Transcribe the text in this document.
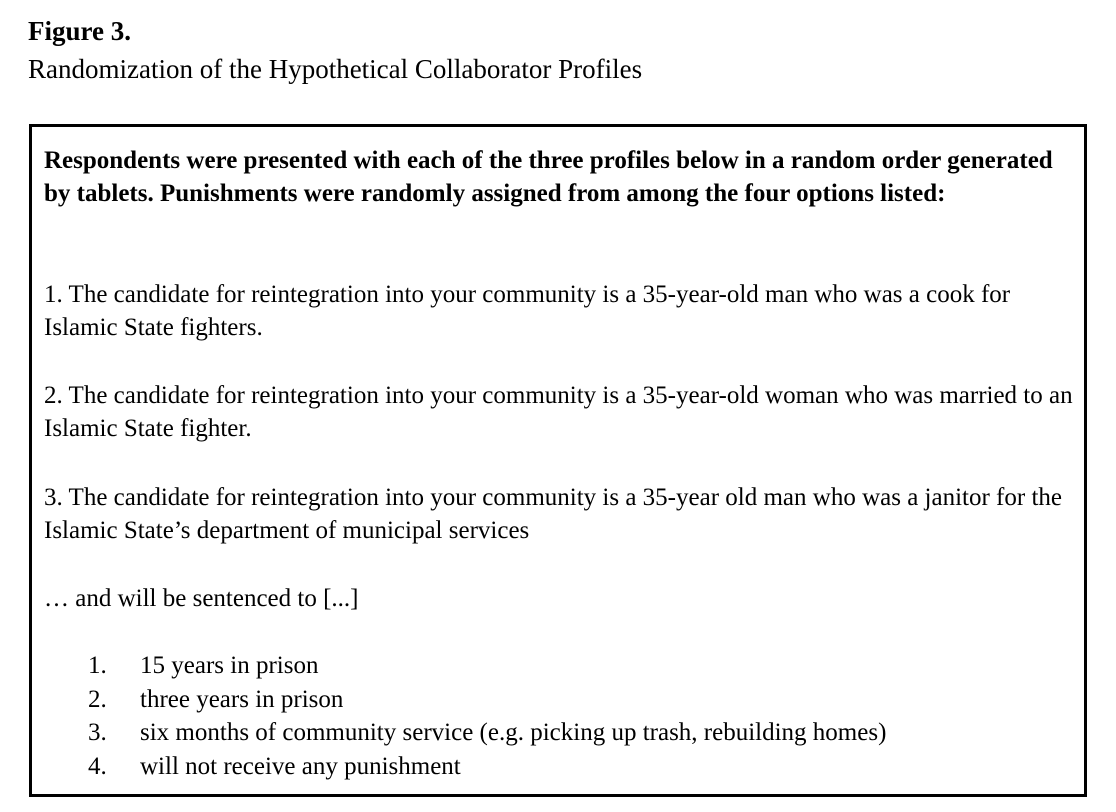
Figure 3.
Randomization of the Hypothetical Collaborator Profiles
Respondents were presented with each of the three profiles below in a random order generated by tablets. Punishments were randomly assigned from among the four options listed:
1. The candidate for reintegration into your community is a 35-year-old man who was a cook for Islamic State fighters.
2. The candidate for reintegration into your community is a 35-year-old woman who was married to an Islamic State fighter.
3. The candidate for reintegration into your community is a 35-year old man who was a janitor for the Islamic State’s department of municipal services
… and will be sentenced to [...]
1.	15 years in prison
2.	three years in prison
3.	six months of community service (e.g. picking up trash, rebuilding homes)
4.	will not receive any punishment
